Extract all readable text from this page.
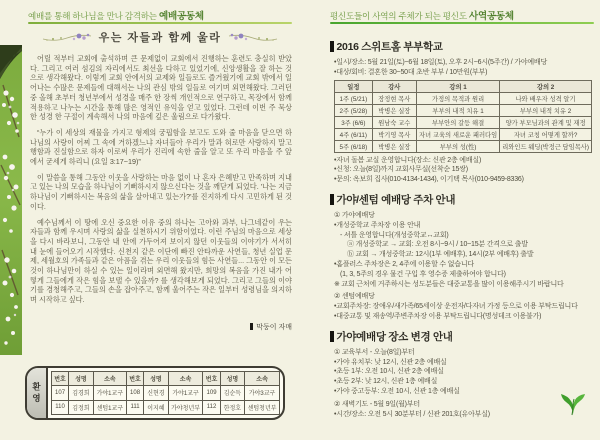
예배를 통해 하나님을 만나 감격하는 예배공동체
우는 자들과 함께 울라

어릴 적부터 교회에 출석하며 큰 문제없이 교회에서 진행하는 훈련도 충실히 받았다. 그리고 여러 섬김의 자리에서도 최선을 다하고 있었기에, 신앙생활을 잘 하는 것으로 생각해왔다. 이렇게 교회 안에서의 교제와 일들로도 즐거웠기에 교회 밖에서 일어나는 수많은 문제들에 대해서는 나의 관심 밖의 일들로 여기며 외면해왔다. 그러던 중 올해 초부터 청년부에서 성경을 매주 한 장씩 개인적으로 연구하고, 목장에서 함께 적용하고 나누는 시간을 통해 많은 영적인 유익을 얻고 있었다. 그런데 이번 주 묵상한 성경 한 구절이 계속해서 나의 마음에 깊은 울림으로 다가왔다.

“누가 이 세상의 재물을 가지고 형제의 궁핍함을 보고도 도와 줄 마음을 닫으면 하나님의 사랑이 어찌 그 속에 거하겠느냐 자녀들아 우리가 말과 혀로만 사랑하지 말고 행함과 진실함으로 하자 이로써 우리가 진리에 속한 줄을 알고 또 우리 마음을 주 앞에서 굳세게 하리니 (요일 3:17~19)”

이 말씀을 통해 그동안 이웃을 사랑하는 마음 없이 나 혼자 은혜받고 만족하며 지내고 있는 나의 모습을 하나님이 기뻐하시지 않으신다는 것을 깨닫게 되었다. '나는 지금 하나님이 기뻐하시는 복음의 삶을 살아내고 있는가?'를 진지하게 다시 고민하게 된 것이다.

예수님께서 이 땅에 오신 중요한 이유 중의 하나는 고아와 과부, 나그네같이 우는 자들과 함께 우시며 사랑의 삶을 실천하시기 위함이었다. 이런 주님의 마음으로 세상을 다시 바라보니, 그동안 내 안에 가두어져 보이지 않던 이웃들의 이야기가 서서히 내 눈에 들어오기 시작했다. 신천지 같은 이단에 빠진 안타까운 사연들, 청년 실업 문제, 세월호의 가족들과 같은 아픔을 겪는 우리 이웃들의 힘든 사연들... 그동안 이 모든 것이 하나님만이 하실 수 있는 일이라며 외면해 왔지만, 희망의 복음을 가진 내가 어떻게 그들에게 작은 힘을 보탤 수 있을까? 를 생각해보게 되었다. 그리고 그들의 이야기를 경청해주고, 그들의 손을 잡아주고, 함께 울어주는 작은 일부터 성령님을 의지하며 시작하고 싶다.

막둥이 자매
환영
번호	성명	소속	번호	성명	소속	번호	성명	소속
107	김경희	가야1교구	108	신현경	가야1교구	109	김순득	가야3교구
110	김정희	센텀1교구	111	이지혜	가야청년부	112	한정호	센텀청년부
평신도들이 사역의 주체가 되는 평신도 사역공동체
2016 스위트홈 부부학교
•일시/장소: 5월 21일(토)~6월 18일(토), 오후 2시~6시(5주간) / 가야예배당
•대상/회비: 결혼한 30~50대 초반 부부 / 10만원(부부)
일정	강사	강의 1	강의 2
1주 (5/21)	장정현 목사	가정의 목적과 원리	나와 배우자 성격 알기
2주 (5/28)	박병은 실장	부부의 내적 치유 1	부부의 내적 치유 2
3주 (6/6)	원남숙 교수	부부안의 갈등 해결	양가 부모님과의 관계 및 재정
4주 (6/11)	박기영 목사	자녀 교육의 새로운 패러다임	자녀 코칭 어떻게 할까?
5주 (6/18)	박병은 실장	부부의 성(性)	리와인드 웨딩(박정근 담임목사)
•자녀 돌봄 교실 운영합니다(장소: 신관 2층 예배실)
•신청: 오늘(8일)까지 교회사무실(선착순 15쌍)
•문의: 옥보희 집사(010-4134-1434), 이기택 목사(010-9459-8336)
가야/센텀 예배당 주차 안내
① 가야예배당
•개성중학교 주차장 이용 안내
- 셔틀 운영합니다(개성중학교↔교회)
ⓐ 개성중학교 → 교회: 오전 8시~9시 / 10~15분 간격으로 출발
ⓑ 교회 → 개성중학교: 12시(1부 예배후), 14시(2부 예배후) 출발
•홈플러스 주차장은 2, 4주에 이용할 수 없습니다
(1, 3, 5주의 경우 물건 구입 후 영수증 제출하여야 합니다)
※ 교회 근처에 거주하시는 성도분들은 대중교통을 많이 이용해주시기 바랍니다
② 센텀예배당
•교회주차장: 장애우/새가족/65세이상 운전자/다자녀 가정 등으로 이용 부탁드립니다
•대중교통 및 재송역/주변주차장 이용 부탁드립니다(명성데크 이용불가)
가야예배당 장소 변경 안내
① 교육부서 - 오늘(8일)부터
•가야 유치부: 낮 12시, 신관 2층 예배실
•초등 1부: 오전 10시, 신관 2층 예배실
•초등 2부: 낮 12시, 신관 1층 예배실
•가야 중고등부: 오전 10시, 신관 1층 예배실
② 새벽기도 - 5월 9일(월)부터
•시간/장소: 오전 5시 30분부터 / 신관 201호(유아부실)
